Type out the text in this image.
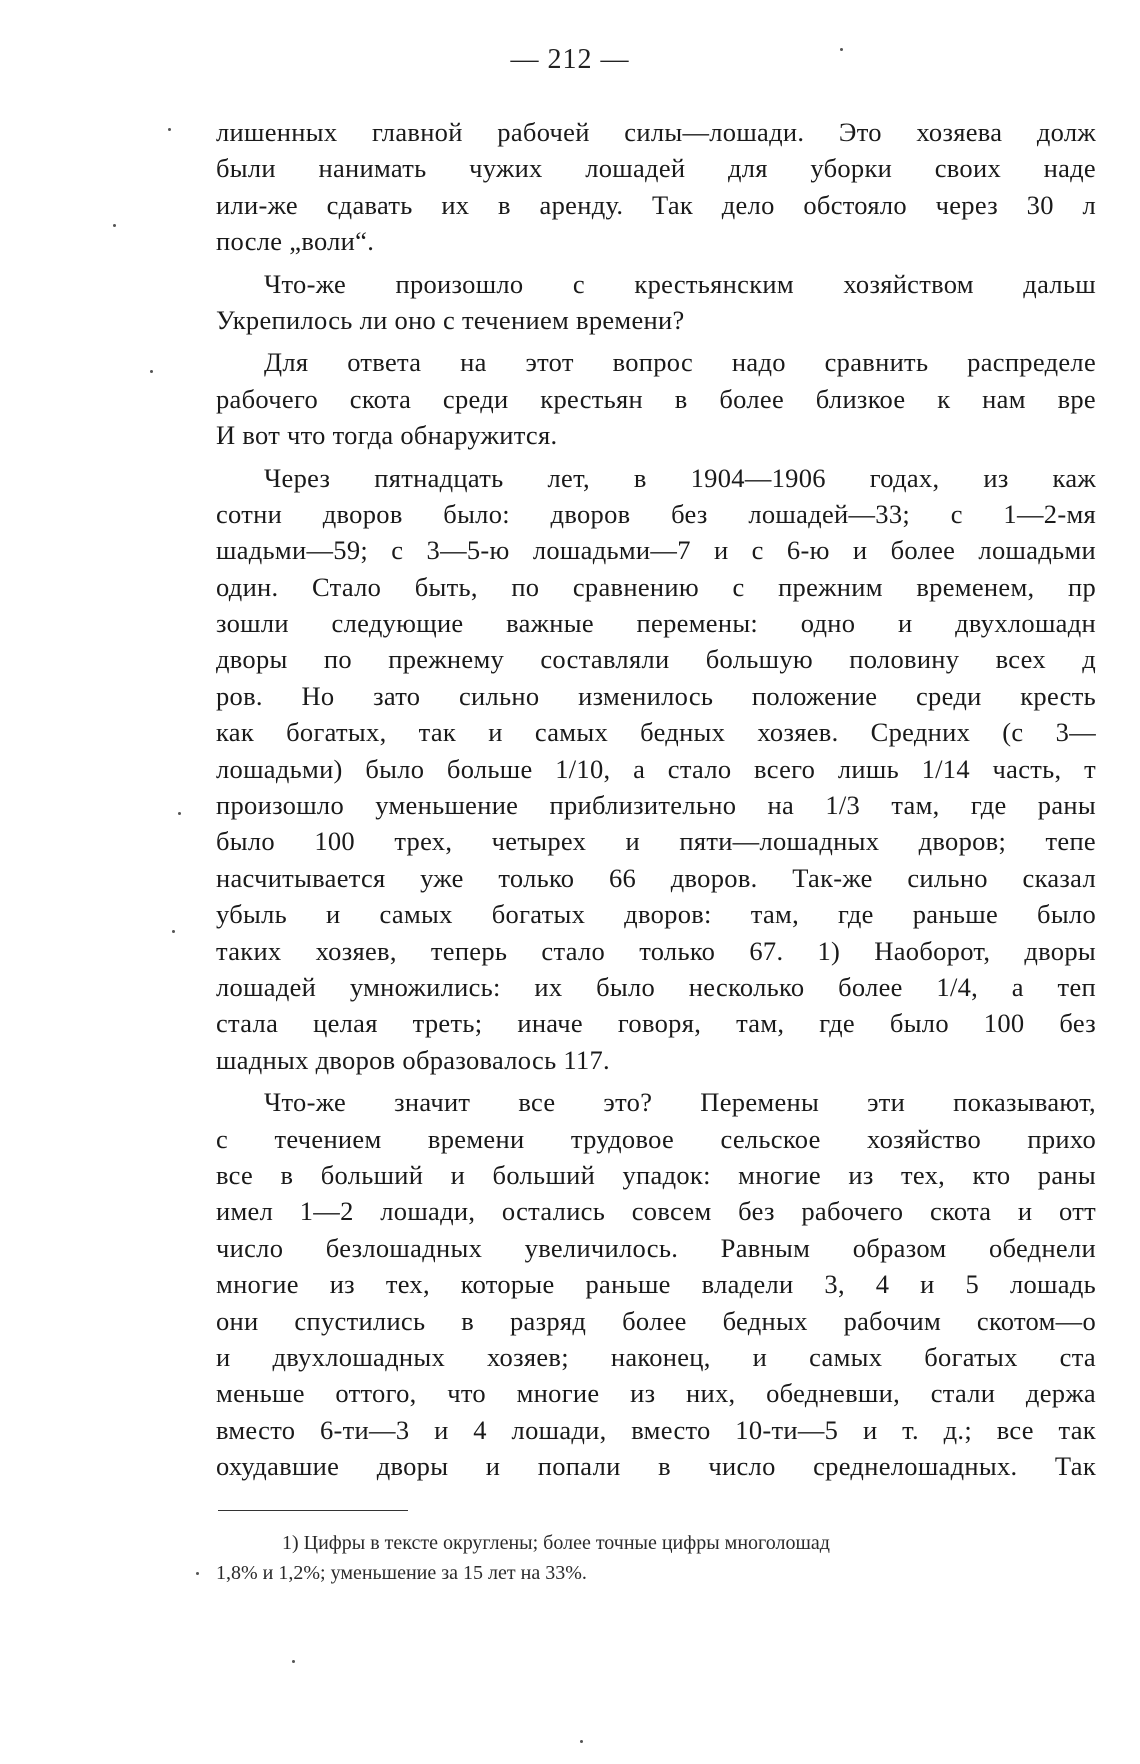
— 212 —
лишенных главной рабочей силы—лошади. Это хозяева долж
были нанимать чужих лошадей для уборки своих наде
или-же сдавать их в аренду. Так дело обстояло через 30 л
после „воли“.
Что-же произошло с крестьянским хозяйством дальш
Укрепилось ли оно с течением времени?
Для ответа на этот вопрос надо сравнить распределе
рабочего скота среди крестьян в более близкое к нам вре
И вот что тогда обнаружится.
Через пятнадцать лет, в 1904—1906 годах, из каж
сотни дворов было: дворов без лошадей—33; с 1—2-мя
шадьми—59; с 3—5-ю лошадьми—7 и с 6-ю и более лошадьми
один. Стало быть, по сравнению с прежним временем, пр
зошли следующие важные перемены: одно и двухлошадн
дворы по прежнему составляли большую половину всех д
ров. Но зато сильно изменилось положение среди кресть
как богатых, так и самых бедных хозяев. Средних (с 3—
лошадьми) было больше 1/10, а стало всего лишь 1/14 часть, т
произошло уменьшение приблизительно на 1/3 там, где раны
было 100 трех, четырех и пяти—лошадных дворов; тепе
насчитывается уже только 66 дворов. Так-же сильно сказал
убыль и самых богатых дворов: там, где раньше было
таких хозяев, теперь стало только 67. 1) Наоборот, дворы
лошадей умножились: их было несколько более 1/4, а теп
стала целая треть; иначе говоря, там, где было 100 без
шадных дворов образовалось 117.
Что-же значит все это? Перемены эти показывают,
с течением времени трудовое сельское хозяйство прихо
все в больший и больший упадок: многие из тех, кто раны
имел 1—2 лошади, остались совсем без рабочего скота и отт
число безлошадных увеличилось. Равным образом обеднели
многие из тех, которые раньше владели 3, 4 и 5 лошадь
они спустились в разряд более бедных рабочим скотом—о
и двухлошадных хозяев; наконец, и самых богатых ста
меньше оттого, что многие из них, обедневши, стали держа
вместо 6-ти—3 и 4 лошади, вместо 10-ти—5 и т. д.; все так
охудавшие дворы и попали в число среднелошадных. Так
1) Цифры в тексте округлены; более точные цифры многолошад
1,8% и 1,2%; уменьшение за 15 лет на 33%.
